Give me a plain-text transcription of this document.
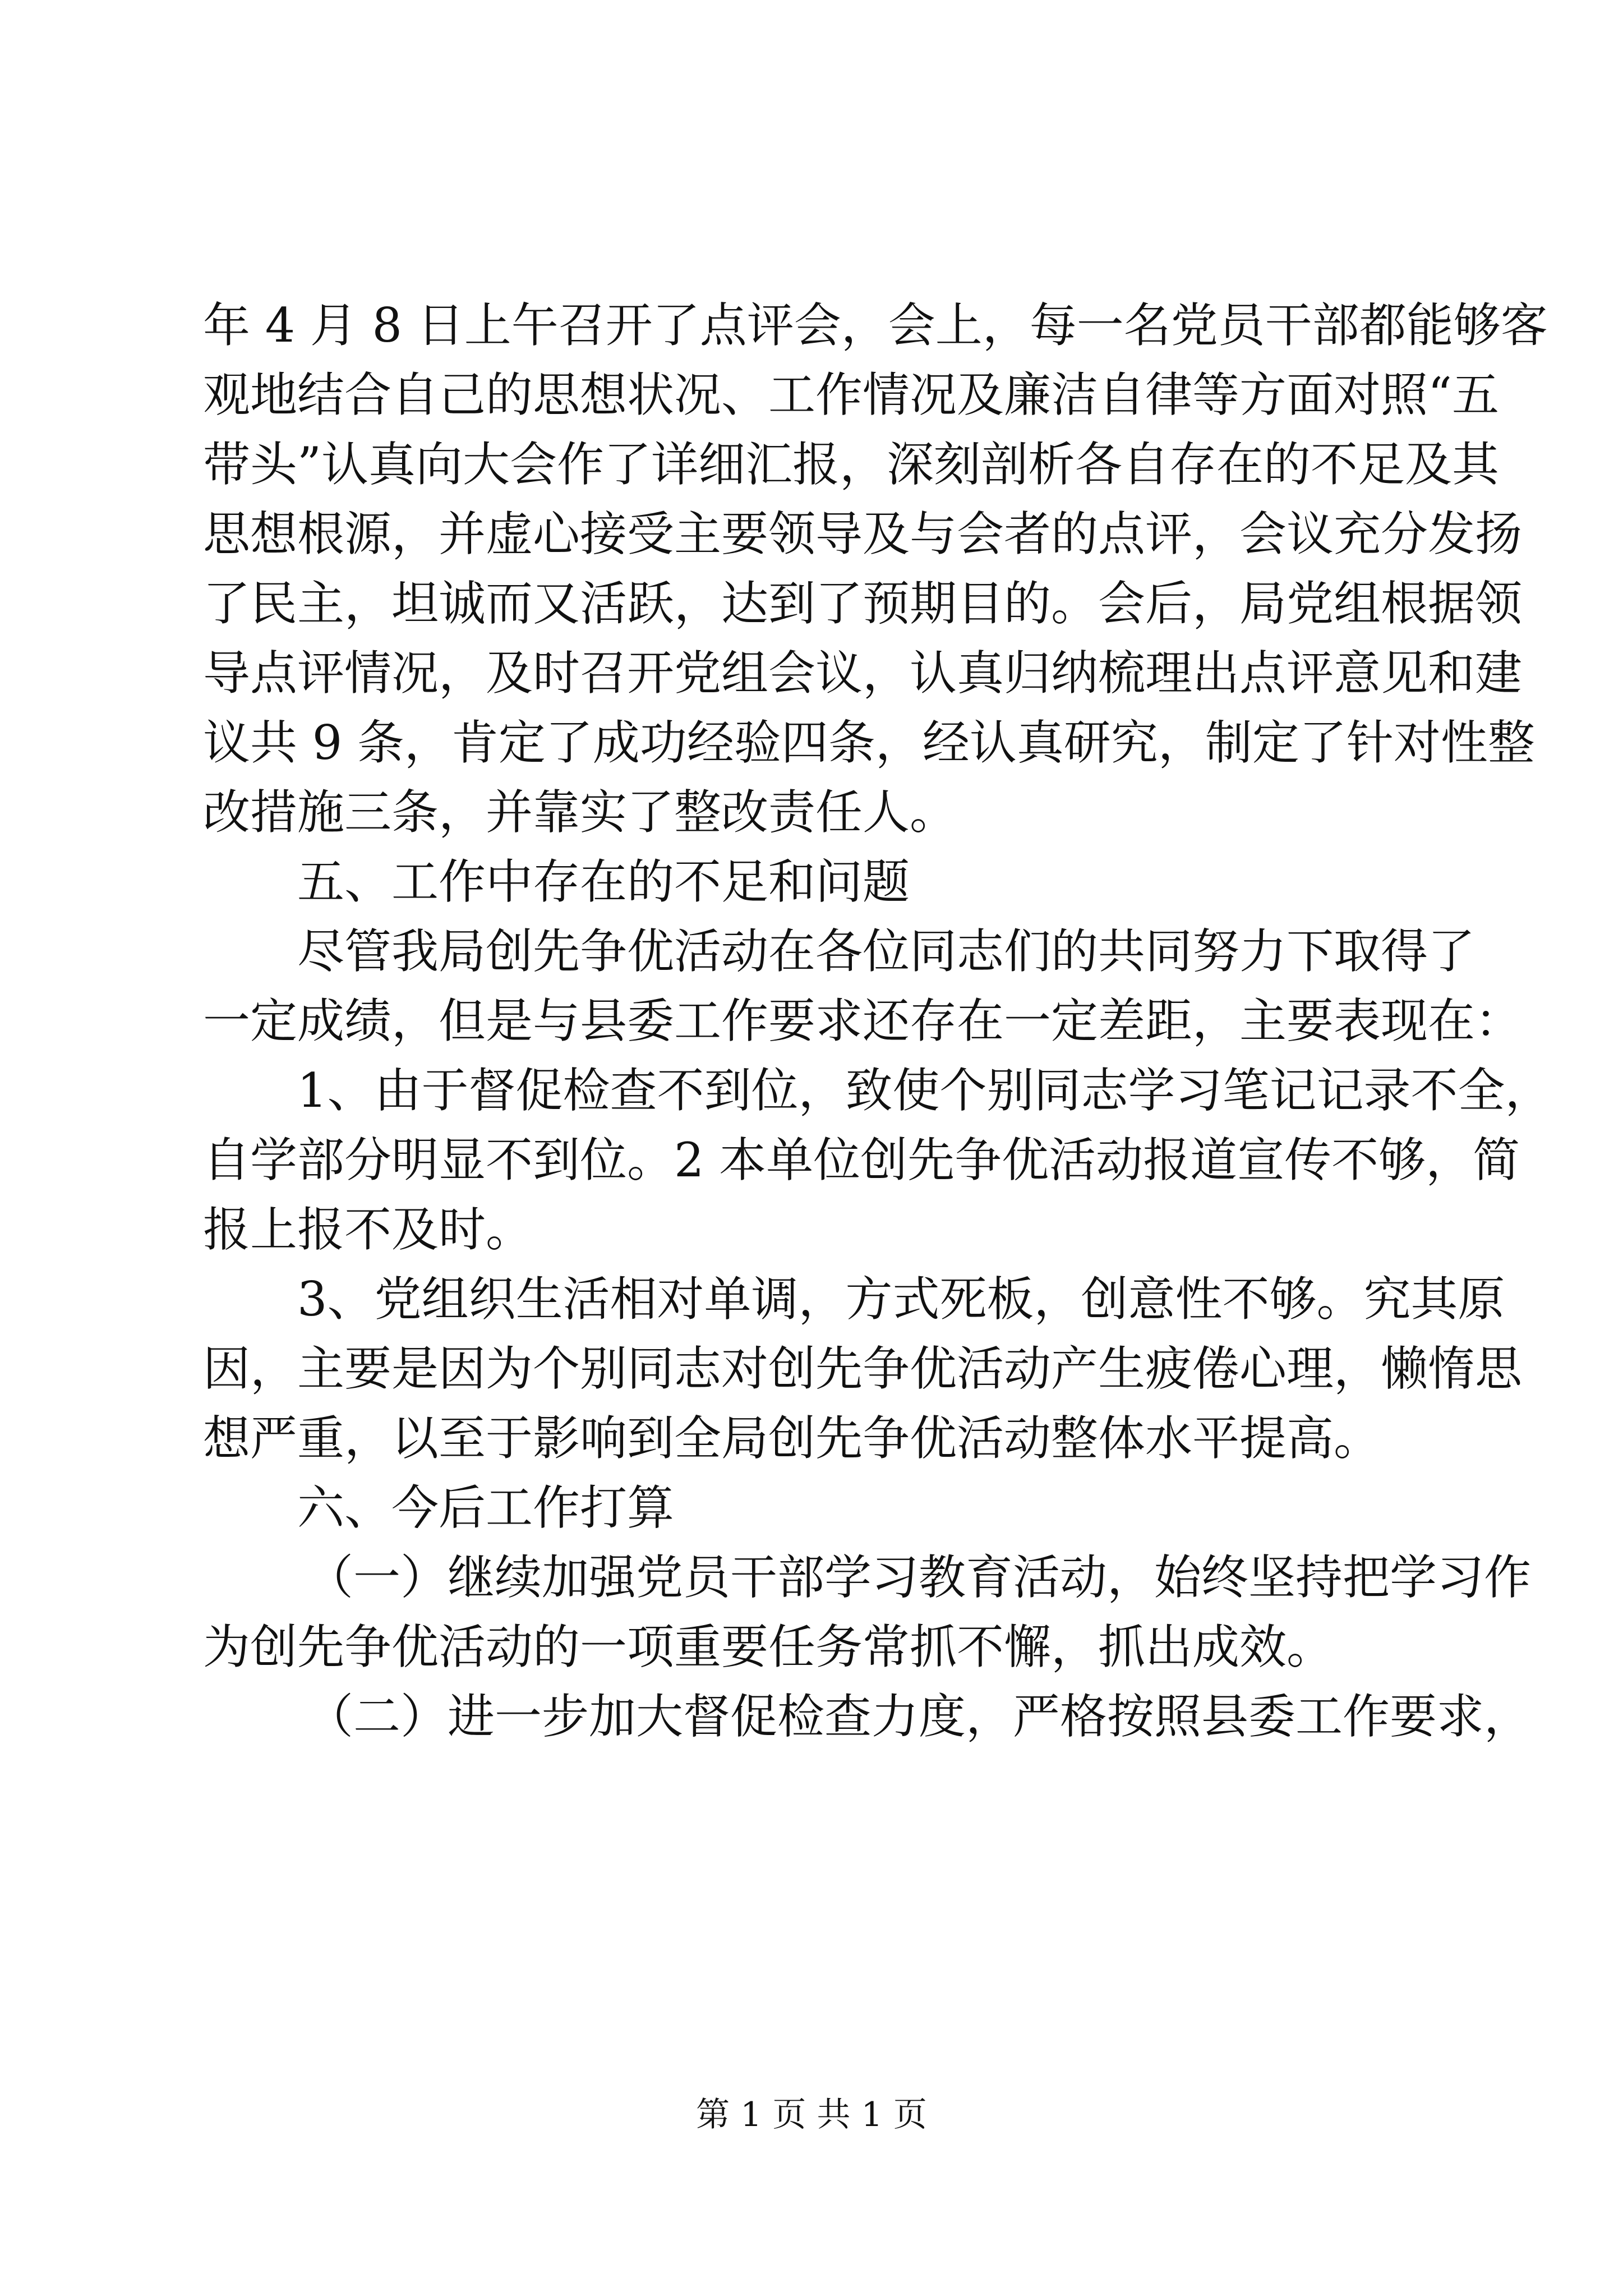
年 4 月 8 日上午召开了点评会，会上，每一名党员干部都能够客
观地结合自己的思想状况、工作情况及廉洁自律等方面对照“五
带头”认真向大会作了详细汇报，深刻剖析各自存在的不足及其
思想根源，并虚心接受主要领导及与会者的点评，会议充分发扬
了民主，坦诚而又活跃，达到了预期目的。会后，局党组根据领
导点评情况，及时召开党组会议，认真归纳梳理出点评意见和建
议共 9 条，肯定了成功经验四条，经认真研究，制定了针对性整
改措施三条，并靠实了整改责任人。
五、工作中存在的不足和问题
尽管我局创先争优活动在各位同志们的共同努力下取得了
一定成绩，但是与县委工作要求还存在一定差距，主要表现在：
1、由于督促检查不到位，致使个别同志学习笔记记录不全，
自学部分明显不到位。2 本单位创先争优活动报道宣传不够，简
报上报不及时。
3、党组织生活相对单调，方式死板，创意性不够。究其原
因，主要是因为个别同志对创先争优活动产生疲倦心理，懒惰思
想严重，以至于影响到全局创先争优活动整体水平提高。
六、今后工作打算
（一）继续加强党员干部学习教育活动，始终坚持把学习作
为创先争优活动的一项重要任务常抓不懈，抓出成效。
（二）进一步加大督促检查力度，严格按照县委工作要求，
第 1 页 共 1 页
